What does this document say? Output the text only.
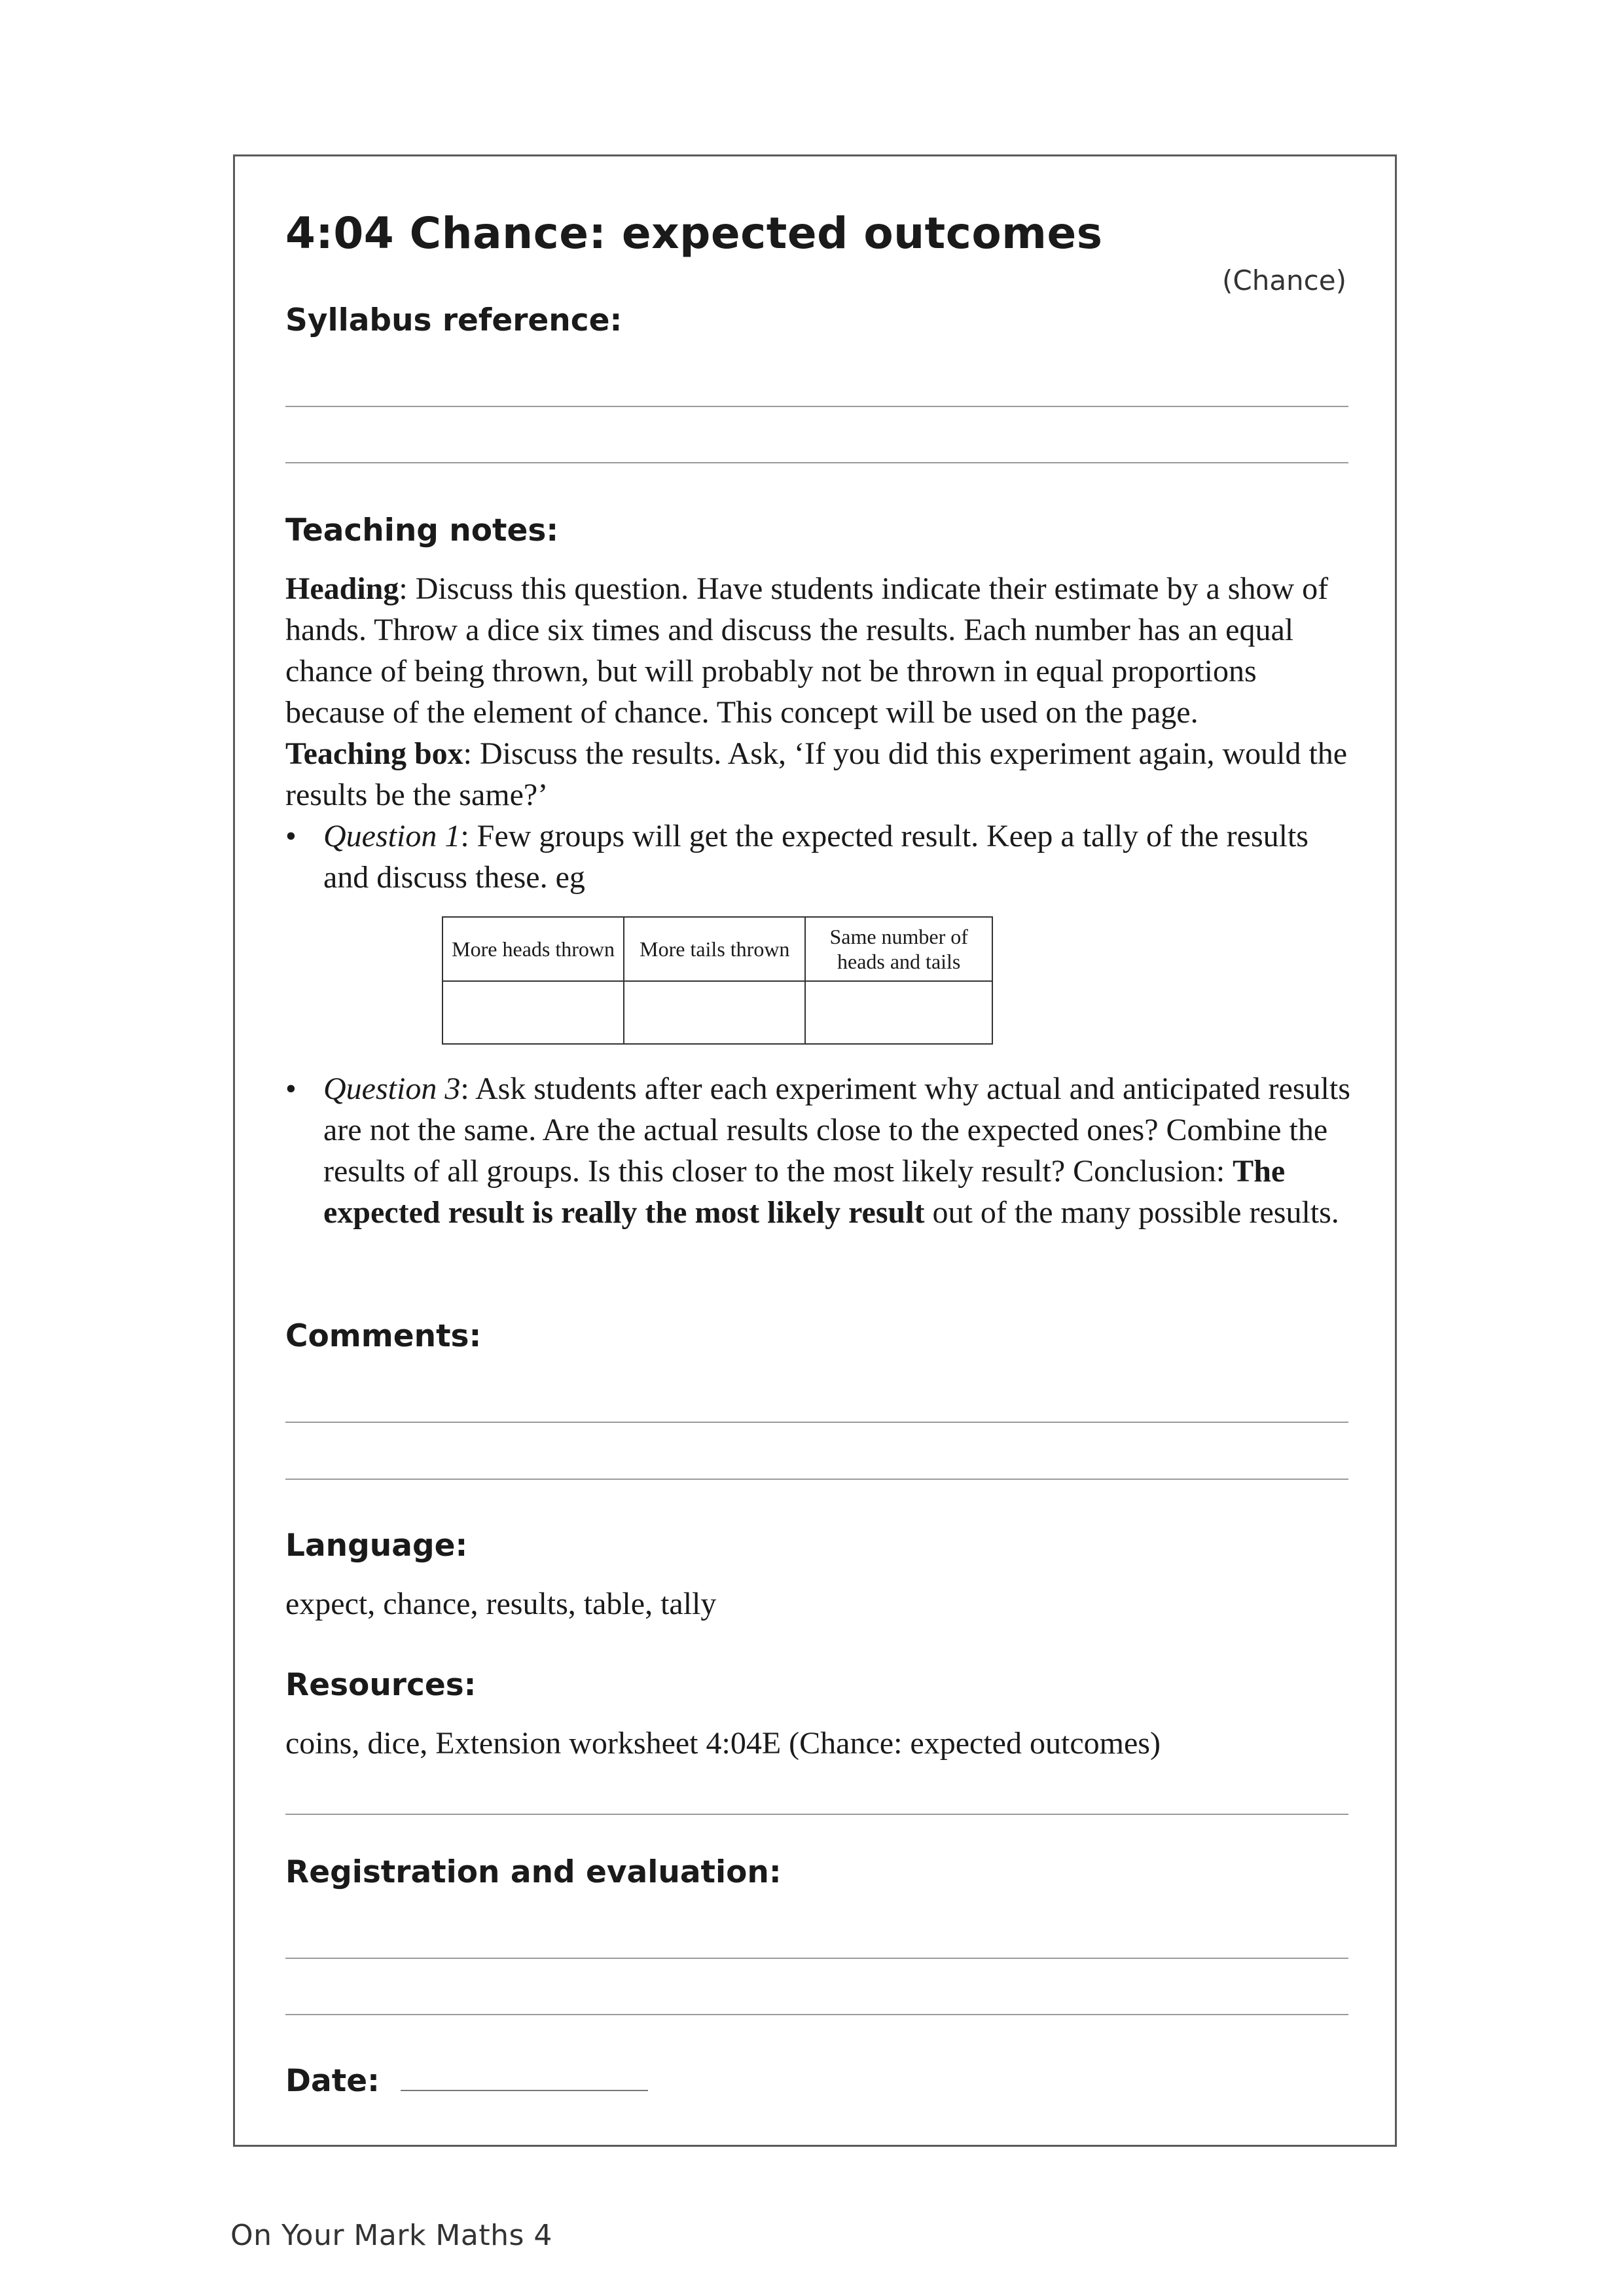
4:04 Chance: expected outcomes
(Chance)
Syllabus reference:
Teaching notes:

Heading: Discuss this question. Have students indicate their estimate by a show of hands. Throw a dice six times and discuss the results. Each number has an equal chance of being thrown, but will probably not be thrown in equal proportions because of the element of chance. This concept will be used on the page.

Teaching box: Discuss the results. Ask, ‘If you did this experiment again, would the results be the same?’

• Question 1: Few groups will get the expected result. Keep a tally of the results and discuss these. eg
More heads thrown	More tails thrown	Same number of heads and tails

• Question 3: Ask students after each experiment why actual and anticipated results are not the same. Are the actual results close to the expected ones? Combine the results of all groups. Is this closer to the most likely result? Conclusion: The expected result is really the most likely result out of the many possible results.
Comments:
Language:
expect, chance, results, table, tally
Resources:
coins, dice, Extension worksheet 4:04E (Chance: expected outcomes)
Registration and evaluation:
Date:
On Your Mark Maths 4
